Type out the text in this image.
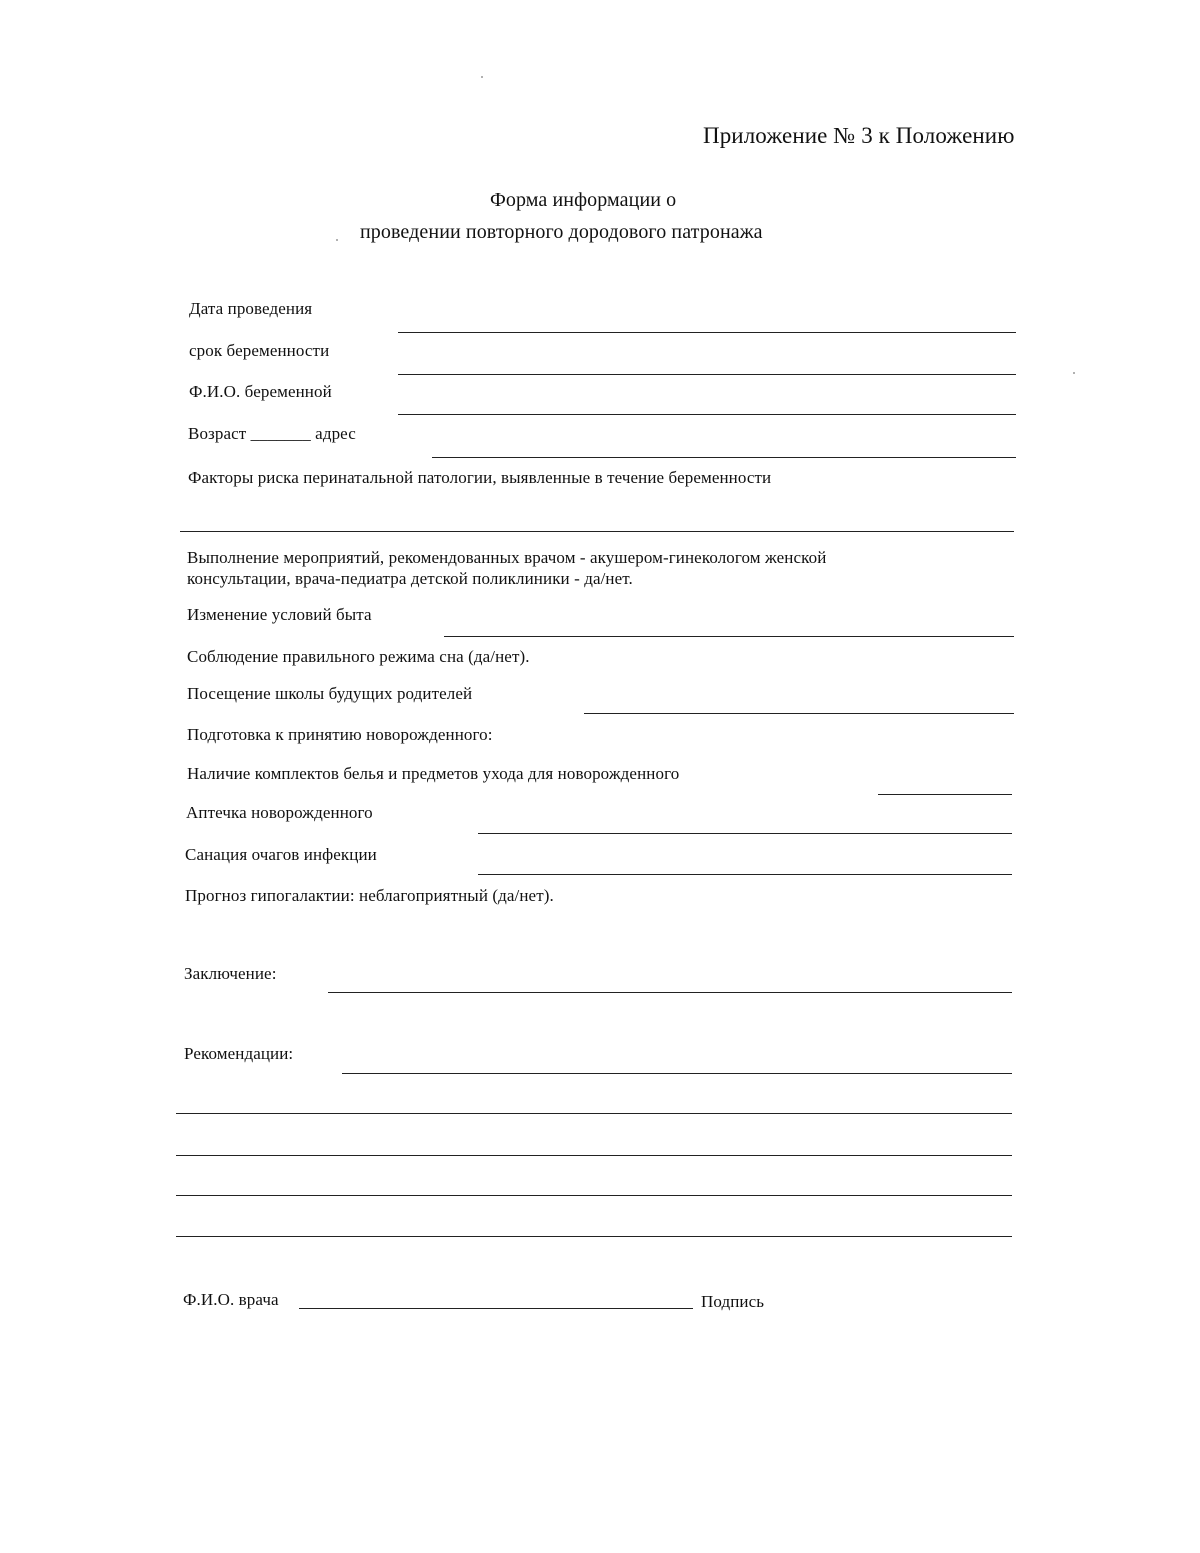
Приложение № 3 к Положению
Форма информации о
проведении повторного дородового патронажа
Дата проведения
срок беременности
Ф.И.О. беременной
Возраст _______ адрес
Факторы риска перинатальной патологии, выявленные в течение беременности
Выполнение мероприятий, рекомендованных врачом - акушером-гинекологом женской
консультации, врача-педиатра детской поликлиники - да/нет.
Изменение условий быта
Соблюдение правильного режима сна (да/нет).
Посещение школы будущих родителей
Подготовка к принятию новорожденного:
Наличие комплектов белья и предметов ухода для новорожденного
Аптечка новорожденного
Санация очагов инфекции
Прогноз гипогалактии: неблагоприятный (да/нет).
Заключение:
Рекомендации:
Ф.И.О. врача	Подпись
